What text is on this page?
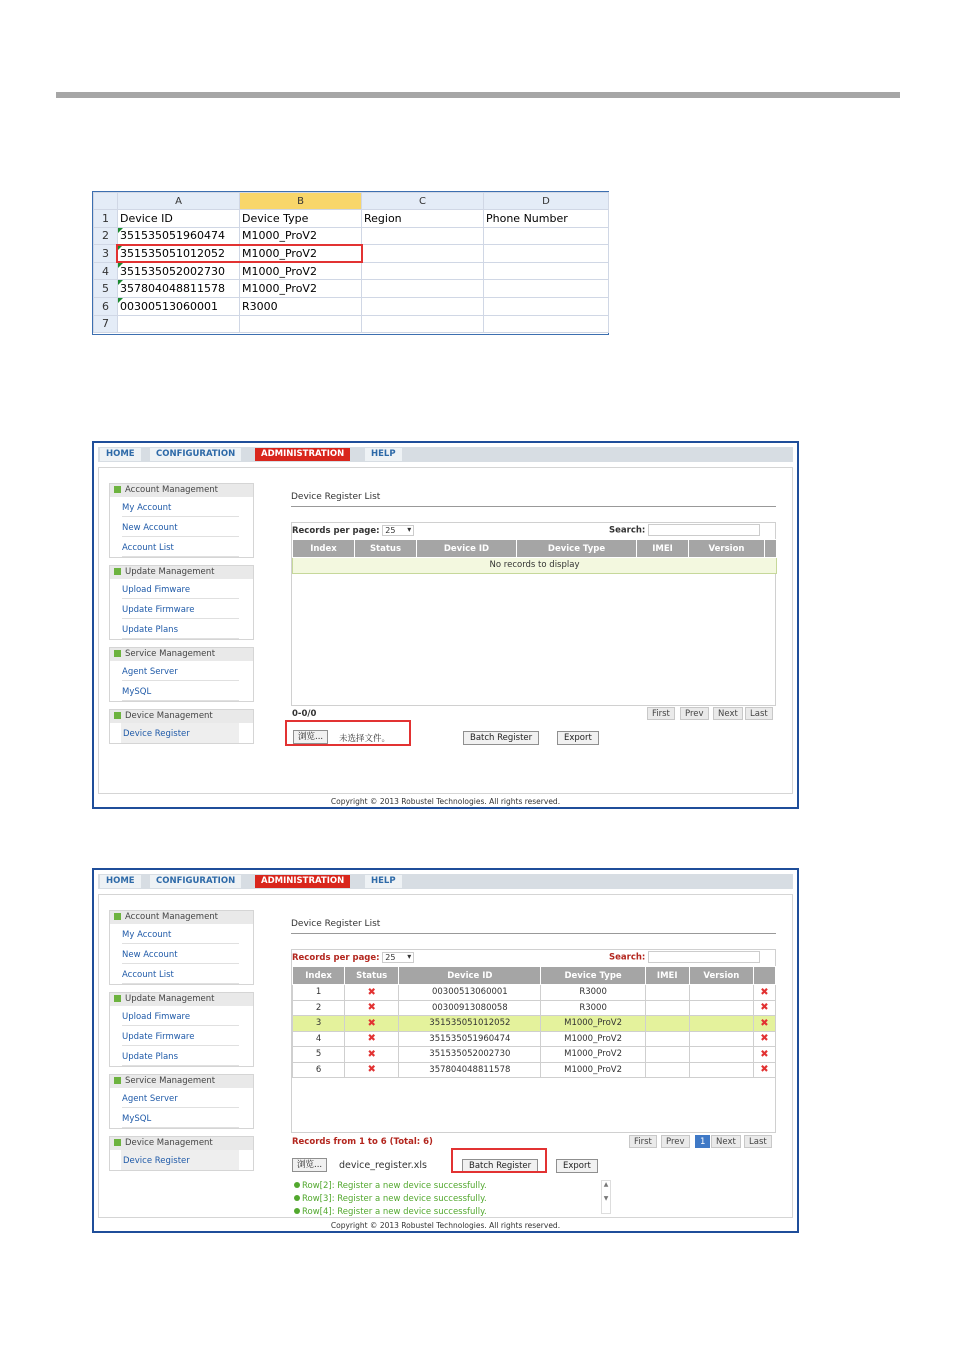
	A	B	C	D
1	Device ID	Device Type	Region	Phone Number
2	351535051960474	M1000_ProV2		
3	351535051012052	M1000_ProV2		
4	351535052002730	M1000_ProV2		
5	357804048811578	M1000_ProV2		
6	00300513060001	R3000		
7				
HOME	CONFIGURATION	ADMINISTRATION	HELP
Account Management
My Account
New Account
Account List
Update Management
Upload Fimware
Update Firmware
Update Plans
Service Management
Agent Server
MySQL
Device Management
Device Register
Device Register List
Records per page: 25 ▾	Search:
Index	Status	Device ID	Device Type	IMEI	Version	
No records to display
0-0/0	First	Prev	Next	Last
浏览...	未选择文件。	Batch Register	Export
Copyright © 2013 Robustel Technologies. All rights reserved.
HOME	CONFIGURATION	ADMINISTRATION	HELP
Account Management
My Account
New Account
Account List
Update Management
Upload Fimware
Update Firmware
Update Plans
Service Management
Agent Server
MySQL
Device Management
Device Register
Device Register List
Records per page: 25 ▾	Search:
Index	Status	Device ID	Device Type	IMEI	Version	
1	✖	00300513060001	R3000			✖
2	✖	00300913080058	R3000			✖
3	✖	351535051012052	M1000_ProV2			✖
4	✖	351535051960474	M1000_ProV2			✖
5	✖	351535052002730	M1000_ProV2			✖
6	✖	357804048811578	M1000_ProV2			✖
Records from 1 to 6 (Total: 6)	First	Prev	1	Next	Last
浏览...	device_register.xls	Batch Register	Export
Row[2]: Register a new device successfully.
Row[3]: Register a new device successfully.
Row[4]: Register a new device successfully.
▲

▼
Copyright © 2013 Robustel Technologies. All rights reserved.
